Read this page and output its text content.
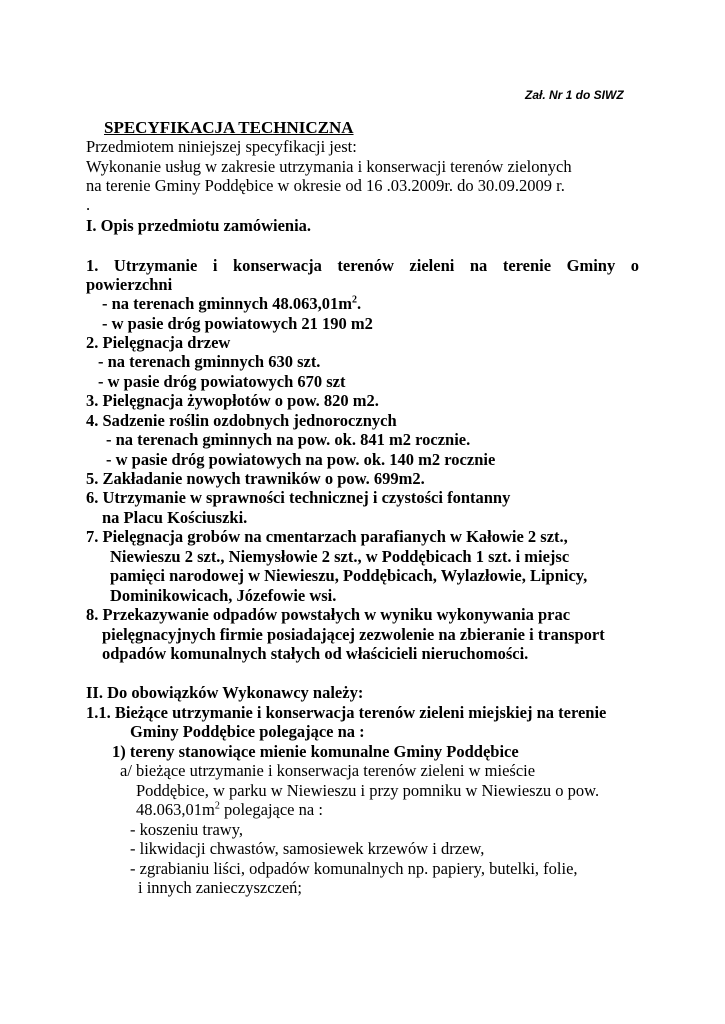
Zał. Nr 1 do SIWZ

SPECYFIKACJA TECHNICZNA

Przedmiotem niniejszej specyfikacji jest:

Wykonanie usług w zakresie utrzymania i konserwacji terenów zielonych

na terenie Gminy Poddębice w okresie od 16 .03.2009r. do 30.09.2009 r.

.

I. Opis przedmiotu zamówienia.

1. Utrzymanie i konserwacja terenów zieleni na terenie Gminy o

powierzchni

- na terenach gminnych $48.063,01m^2$.

- w pasie dróg powiatowych 21 190 m2

2. Pielęgnacja drzew

- na terenach gminnych 630 szt.

- w pasie dróg powiatowych 670 szt

3. Pielęgnacja żywopłotów o pow. 820 m2.

4. Sadzenie roślin ozdobnych jednorocznych

- na terenach gminnych na pow. ok. 841 m2 rocznie.

- w pasie dróg powiatowych na pow. ok. 140 m2 rocznie

5. Zakładanie nowych trawników o pow. 699m2.

6. Utrzymanie w sprawności technicznej i czystości fontanny

na Placu Kościuszki.

7. Pielęgnacja grobów na cmentarzach parafianych w Kałowie 2 szt.,

Niewieszu 2 szt., Niemysłowie 2 szt., w Poddębicach 1 szt. i miejsc

pamięci narodowej w Niewieszu, Poddębicach, Wylazłowie, Lipnicy,

Dominikowicach, Józefowie wsi.

8. Przekazywanie odpadów powstałych w wyniku wykonywania prac

pielęgnacyjnych firmie posiadającej zezwolenie na zbieranie i transport

odpadów komunalnych stałych od właścicieli nieruchomości.

II. Do obowiązków Wykonawcy należy:

1.1. Bieżące utrzymanie i konserwacja terenów zieleni miejskiej na terenie

Gminy Poddębice polegające na :

1) tereny stanowiące mienie komunalne Gminy Poddębice

a/ bieżące utrzymanie i konserwacja terenów zieleni w mieście

Poddębice, w parku w Niewieszu i przy pomniku w Niewieszu o pow.

$48.063,01m^2$ polegające na :

- koszeniu trawy,

- likwidacji chwastów, samosiewek krzewów i drzew,

- zgrabianiu liści, odpadów komunalnych np. papiery, butelki, folie,

i innych zanieczyszczeń;
